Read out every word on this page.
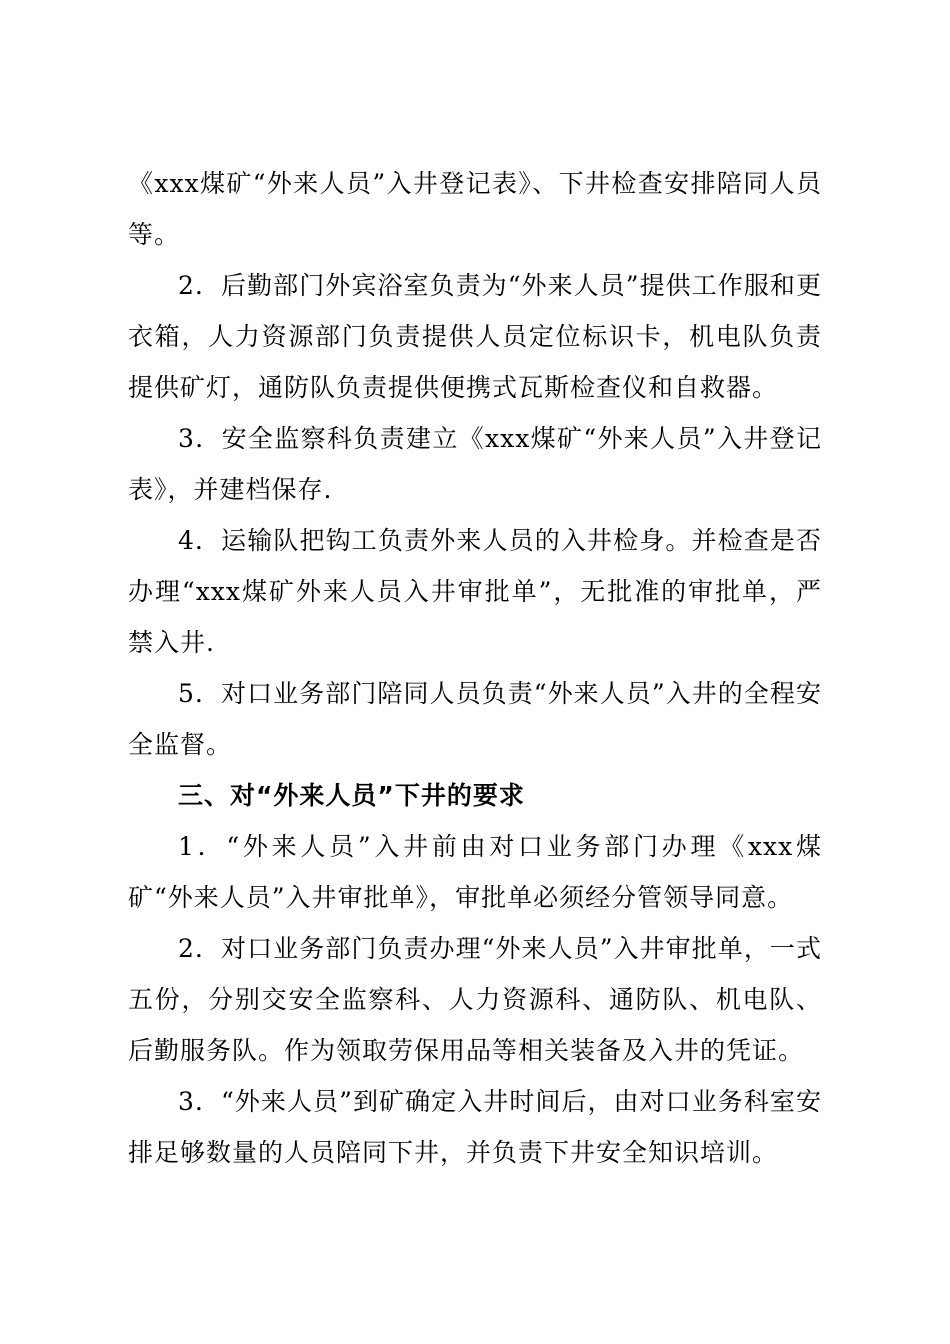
《xxx煤矿“外来人员”入井登记表》、下井检查安排陪同人员等。

2．后勤部门外宾浴室负责为“外来人员”提供工作服和更衣箱，人力资源部门负责提供人员定位标识卡，机电队负责提供矿灯，通防队负责提供便携式瓦斯检查仪和自救器。

3．安全监察科负责建立《xxx煤矿“外来人员”入井登记表》，并建档保存.

4．运输队把钩工负责外来人员的入井检身。并检查是否办理“xxx煤矿外来人员入井审批单”，无批准的审批单，严禁入井.

5．对口业务部门陪同人员负责“外来人员”入井的全程安全监督。

三、对“外来人员”下井的要求

1．“外来人员”入井前由对口业务部门办理《xxx煤矿“外来人员”入井审批单》，审批单必须经分管领导同意。

2．对口业务部门负责办理“外来人员”入井审批单，一式五份，分别交安全监察科、人力资源科、通防队、机电队、后勤服务队。作为领取劳保用品等相关装备及入井的凭证。

3．“外来人员”到矿确定入井时间后，由对口业务科室安排足够数量的人员陪同下井，并负责下井安全知识培训。
